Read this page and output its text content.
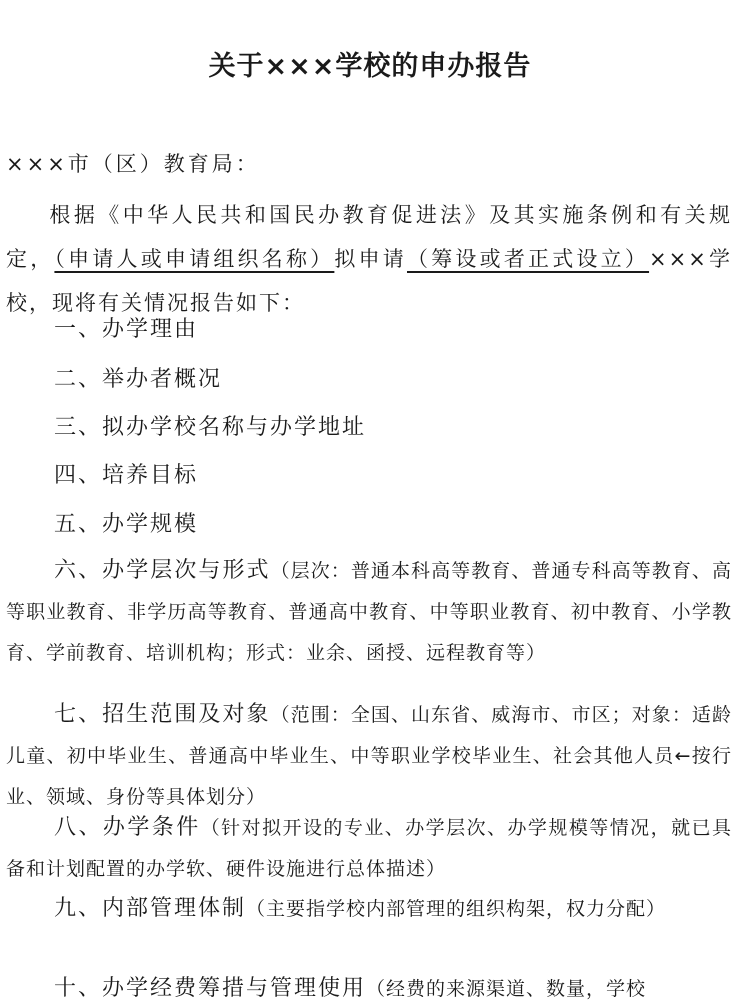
关于×××学校的申办报告
×××市（区）教育局：
根据《中华人民共和国民办教育促进法》及其实施条例和有关规定，（申请人或申请组织名称）拟申请（筹设或者正式设立）×××学校，现将有关情况报告如下：
一、办学理由
二、举办者概况
三、拟办学校名称与办学地址
四、培养目标
五、办学规模
六、办学层次与形式（层次：普通本科高等教育、普通专科高等教育、高等职业教育、非学历高等教育、普通高中教育、中等职业教育、初中教育、小学教育、学前教育、培训机构；形式：业余、函授、远程教育等）
七、招生范围及对象（范围：全国、山东省、威海市、市区；对象：适龄儿童、初中毕业生、普通高中毕业生、中等职业学校毕业生、社会其他人员←按行业、领域、身份等具体划分）
八、办学条件（针对拟开设的专业、办学层次、办学规模等情况，就已具备和计划配置的办学软、硬件设施进行总体描述）
九、内部管理体制（主要指学校内部管理的组织构架，权力分配）
十、办学经费筹措与管理使用（经费的来源渠道、数量，学校
